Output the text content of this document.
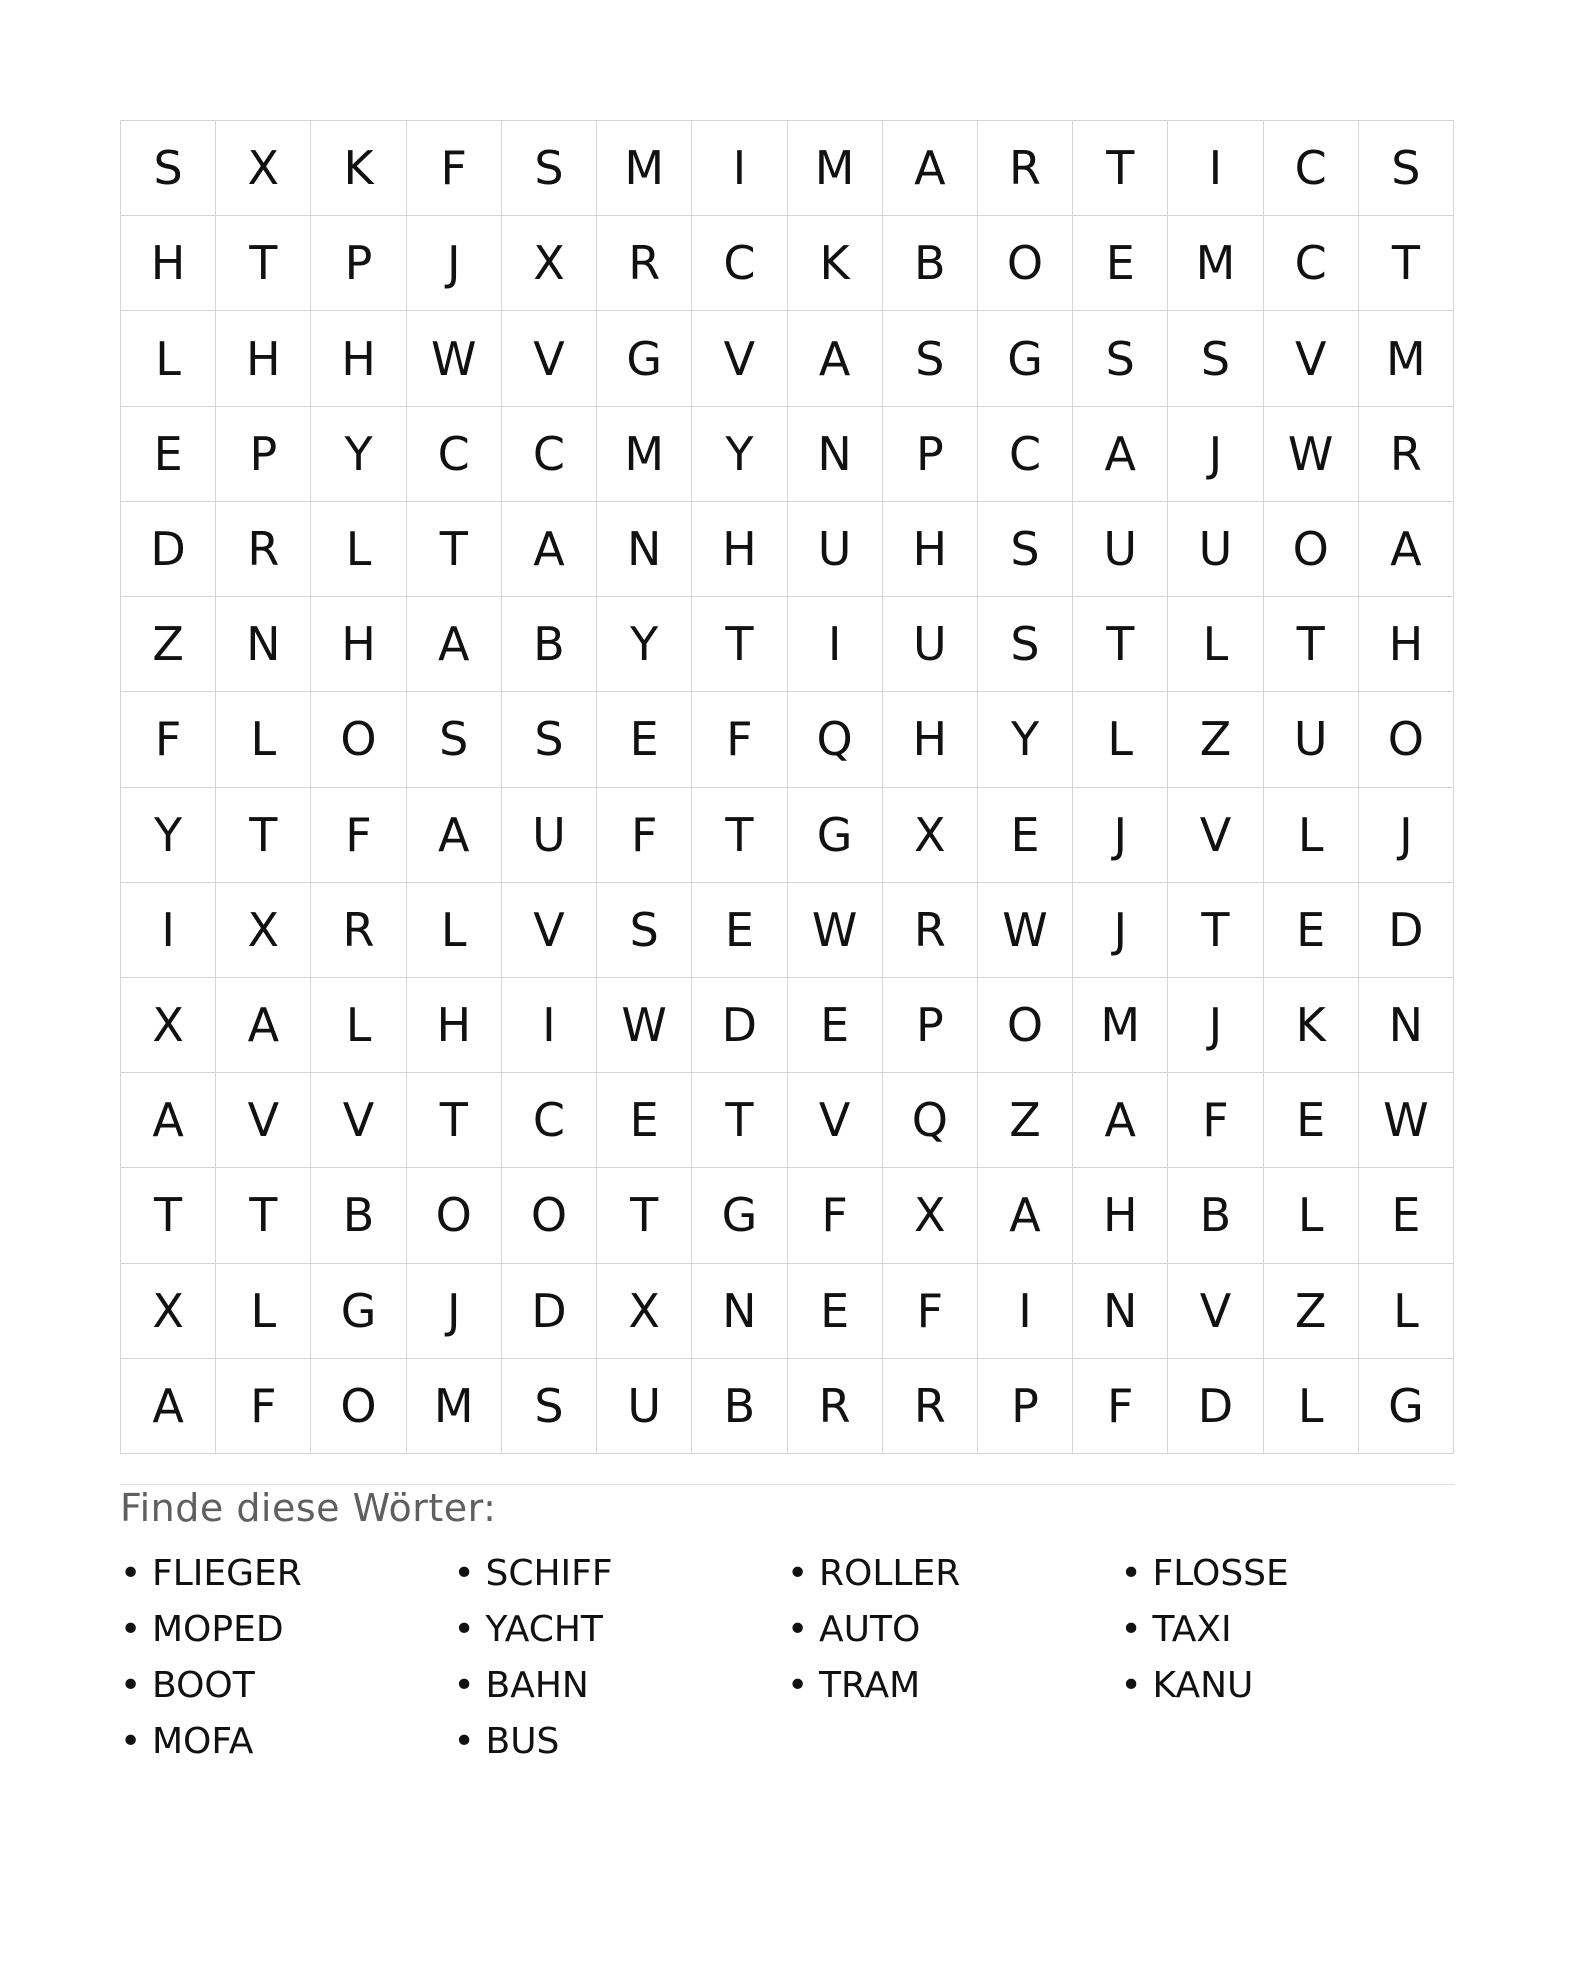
S	X	K	F	S	M	I	M	A	R	T	I	C	S
H	T	P	J	X	R	C	K	B	O	E	M	C	T
L	H	H	W	V	G	V	A	S	G	S	S	V	M
E	P	Y	C	C	M	Y	N	P	C	A	J	W	R
D	R	L	T	A	N	H	U	H	S	U	U	O	A
Z	N	H	A	B	Y	T	I	U	S	T	L	T	H
F	L	O	S	S	E	F	Q	H	Y	L	Z	U	O
Y	T	F	A	U	F	T	G	X	E	J	V	L	J
I	X	R	L	V	S	E	W	R	W	J	T	E	D
X	A	L	H	I	W	D	E	P	O	M	J	K	N
A	V	V	T	C	E	T	V	Q	Z	A	F	E	W
T	T	B	O	O	T	G	F	X	A	H	B	L	E
X	L	G	J	D	X	N	E	F	I	N	V	Z	L
A	F	O	M	S	U	B	R	R	P	F	D	L	G
Finde diese Wörter:
• FLIEGER	• SCHIFF	• ROLLER	• FLOSSE
• MOPED	• YACHT	• AUTO	• TAXI
• BOOT	• BAHN	• TRAM	• KANU
• MOFA	• BUS
